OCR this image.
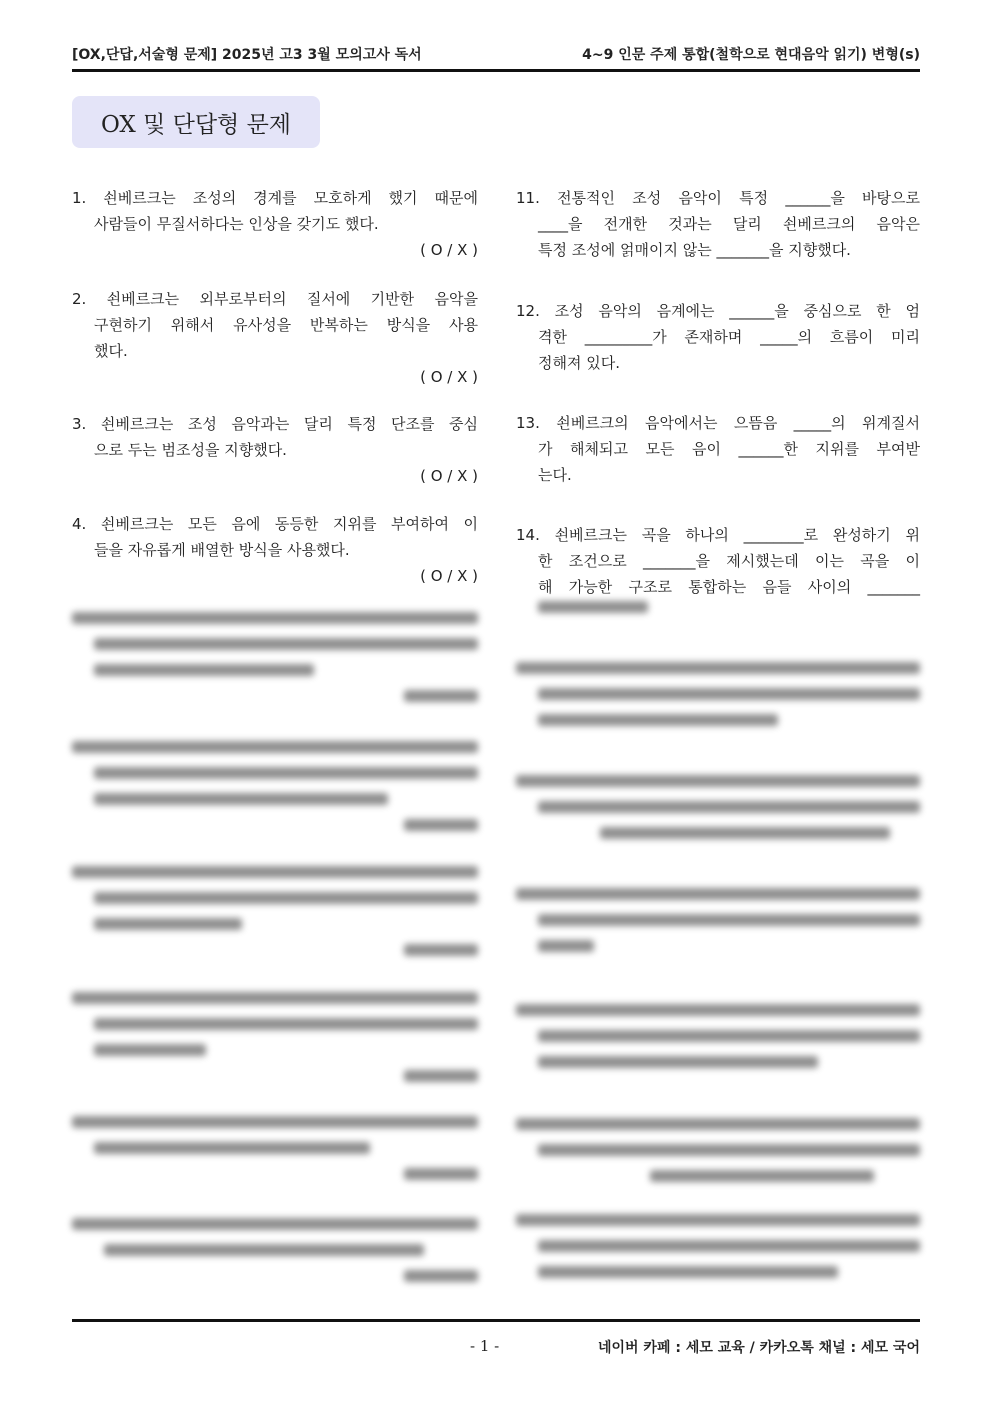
[OX,단답,서술형 문제] 2025년 고3 3월 모의고사 독서	4~9 인문 주제 통합(철학으로 현대음악 읽기) 변형(s)
OX 및 단답형 문제
1. 쇤베르크는 조성의 경계를 모호하게 했기 때문에
사람들이 무질서하다는 인상을 갖기도 했다.
( O / X )
2. 쇤베르크는 외부로부터의 질서에 기반한 음악을
구현하기 위해서 유사성을 반복하는 방식을 사용
했다.
( O / X )
3. 쇤베르크는 조성 음악과는 달리 특정 단조를 중심
으로 두는 범조성을 지향했다.
( O / X )
4. 쇤베르크는 모든 음에 동등한 지위를 부여하여 이
들을 자유롭게 배열한 방식을 사용했다.
( O / X )
11. 전통적인 조성 음악이 특정 ______을 바탕으로
____을 전개한 것과는 달리 쇤베르크의 음악은
특정 조성에 얽매이지 않는 _______을 지향했다.
12. 조성 음악의 음계에는 ______을 중심으로 한 엄
격한 _________가 존재하며 _____의 흐름이 미리
정해져 있다.
13. 쇤베르크의 음악에서는 으뜸음 _____의 위계질서
가 해체되고 모든 음이 ______한 지위를 부여받
는다.
14. 쇤베르크는 곡을 하나의 ________로 완성하기 위
한 조건으로 _______을 제시했는데 이는 곡을 이
해 가능한 구조로 통합하는 음들 사이의 _______
- 1 -	네이버 카페 : 세모 교육 / 카카오톡 채널 : 세모 국어
